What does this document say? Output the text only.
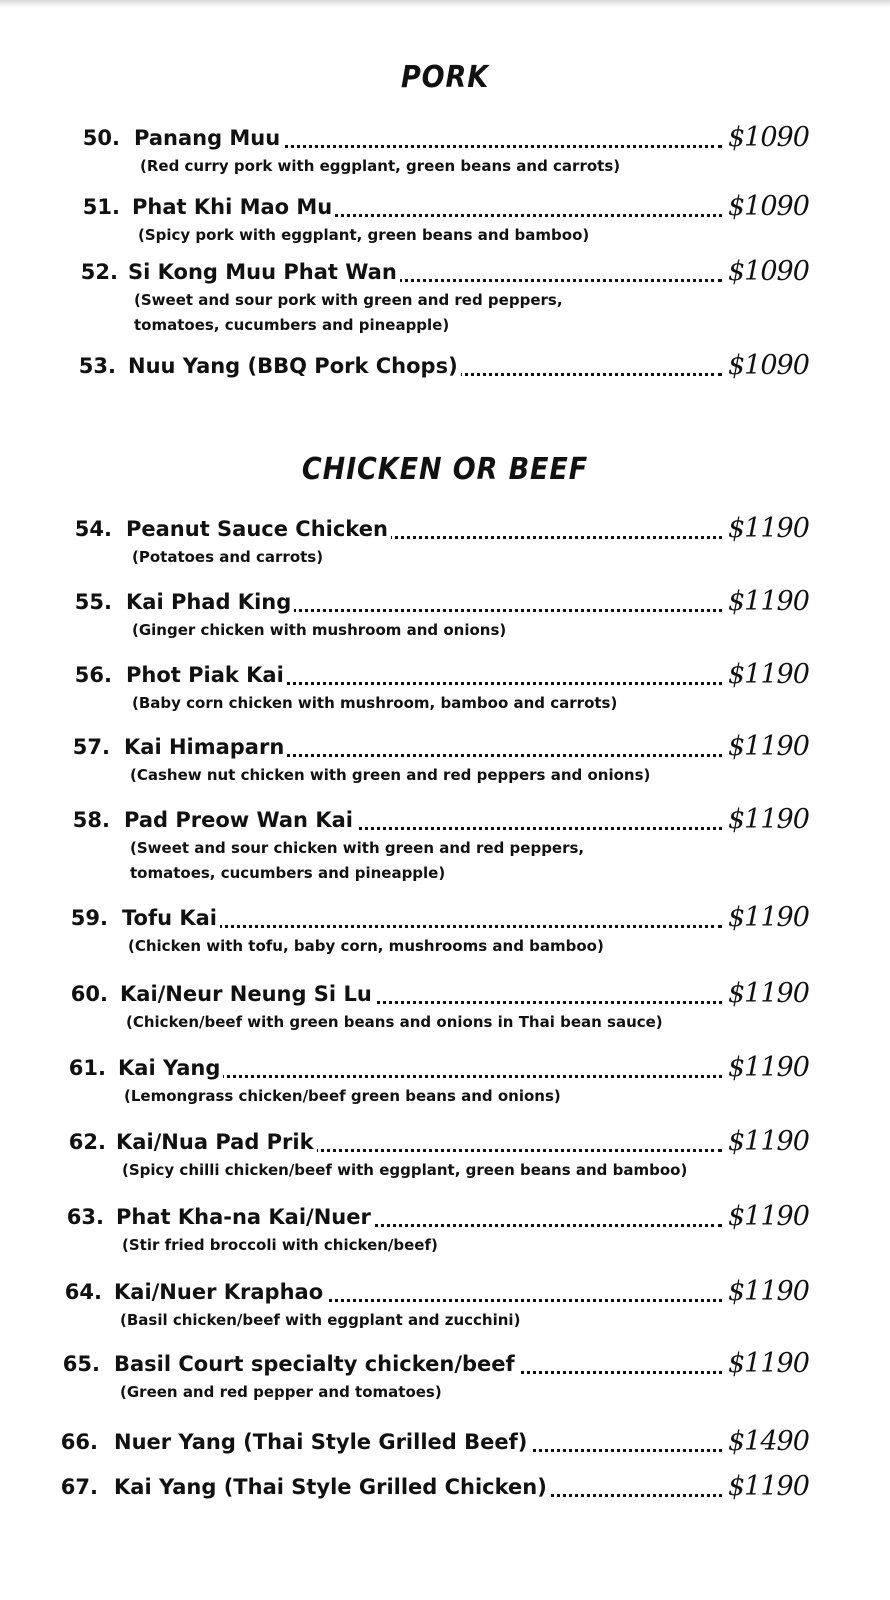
PORK
50. Panang Muu	$1090
(Red curry pork with eggplant, green beans and carrots)
51. Phat Khi Mao Mu	$1090
(Spicy pork with eggplant, green beans and bamboo)
52. Si Kong Muu Phat Wan	$1090
(Sweet and sour pork with green and red peppers,
tomatoes, cucumbers and pineapple)
53. Nuu Yang (BBQ Pork Chops)	$1090
CHICKEN OR BEEF
54. Peanut Sauce Chicken	$1190
(Potatoes and carrots)
55. Kai Phad King	$1190
(Ginger chicken with mushroom and onions)
56. Phot Piak Kai	$1190
(Baby corn chicken with mushroom, bamboo and carrots)
57. Kai Himaparn	$1190
(Cashew nut chicken with green and red peppers and onions)
58. Pad Preow Wan Kai	$1190
(Sweet and sour chicken with green and red peppers,
tomatoes, cucumbers and pineapple)
59. Tofu Kai	$1190
(Chicken with tofu, baby corn, mushrooms and bamboo)
60. Kai/Neur Neung Si Lu	$1190
(Chicken/beef with green beans and onions in Thai bean sauce)
61. Kai Yang	$1190
(Lemongrass chicken/beef green beans and onions)
62. Kai/Nua Pad Prik	$1190
(Spicy chilli chicken/beef with eggplant, green beans and bamboo)
63. Phat Kha-na Kai/Nuer	$1190
(Stir fried broccoli with chicken/beef)
64. Kai/Nuer Kraphao	$1190
(Basil chicken/beef with eggplant and zucchini)
65. Basil Court specialty chicken/beef	$1190
(Green and red pepper and tomatoes)
66. Nuer Yang (Thai Style Grilled Beef)	$1490
67. Kai Yang (Thai Style Grilled Chicken)	$1190
